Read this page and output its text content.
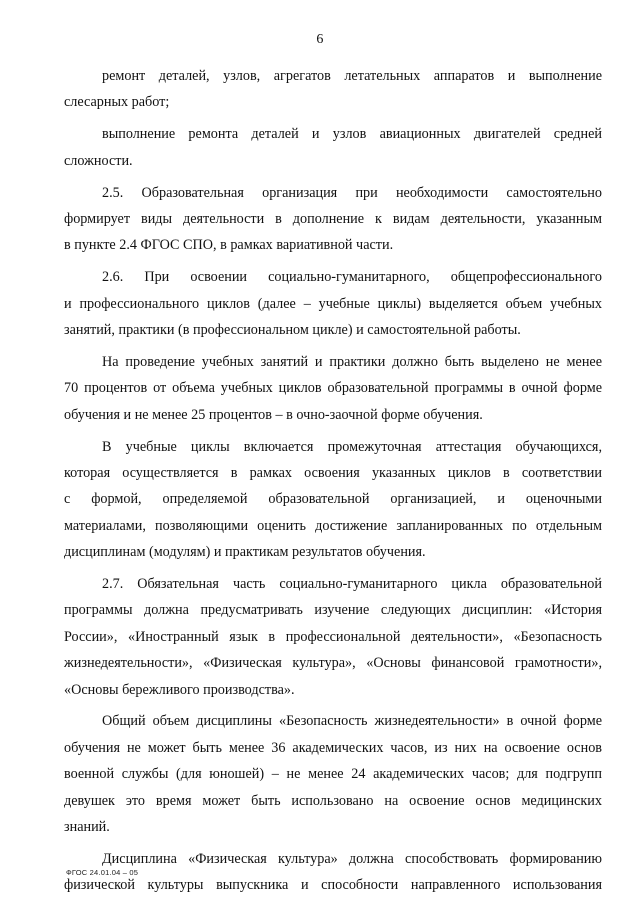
6
ремонт деталей, узлов, агрегатов летательных аппаратов и выполнение
слесарных работ;
выполнение ремонта деталей и узлов авиационных двигателей средней
сложности.
2.5. Образовательная организация при необходимости самостоятельно
формирует виды деятельности в дополнение к видам деятельности, указанным
в пункте 2.4 ФГОС СПО, в рамках вариативной части.
2.6. При освоении социально-гуманитарного, общепрофессионального
и профессионального циклов (далее – учебные циклы) выделяется объем учебных
занятий, практики (в профессиональном цикле) и самостоятельной работы.
На проведение учебных занятий и практики должно быть выделено не менее
70 процентов от объема учебных циклов образовательной программы в очной форме
обучения и не менее 25 процентов – в очно-заочной форме обучения.
В учебные циклы включается промежуточная аттестация обучающихся,
которая осуществляется в рамках освоения указанных циклов в соответствии
с формой, определяемой образовательной организацией, и оценочными
материалами, позволяющими оценить достижение запланированных по отдельным
дисциплинам (модулям) и практикам результатов обучения.
2.7. Обязательная часть социально-гуманитарного цикла образовательной
программы должна предусматривать изучение следующих дисциплин: «История
России», «Иностранный язык в профессиональной деятельности», «Безопасность
жизнедеятельности», «Физическая культура», «Основы финансовой грамотности»,
«Основы бережливого производства».
Общий объем дисциплины «Безопасность жизнедеятельности» в очной форме
обучения не может быть менее 36 академических часов, из них на освоение основ
военной службы (для юношей) – не менее 24 академических часов; для подгрупп
девушек это время может быть использовано на освоение основ медицинских
знаний.
Дисциплина «Физическая культура» должна способствовать формированию
физической культуры выпускника и способности направленного использования
ФГОС 24.01.04 – 05
